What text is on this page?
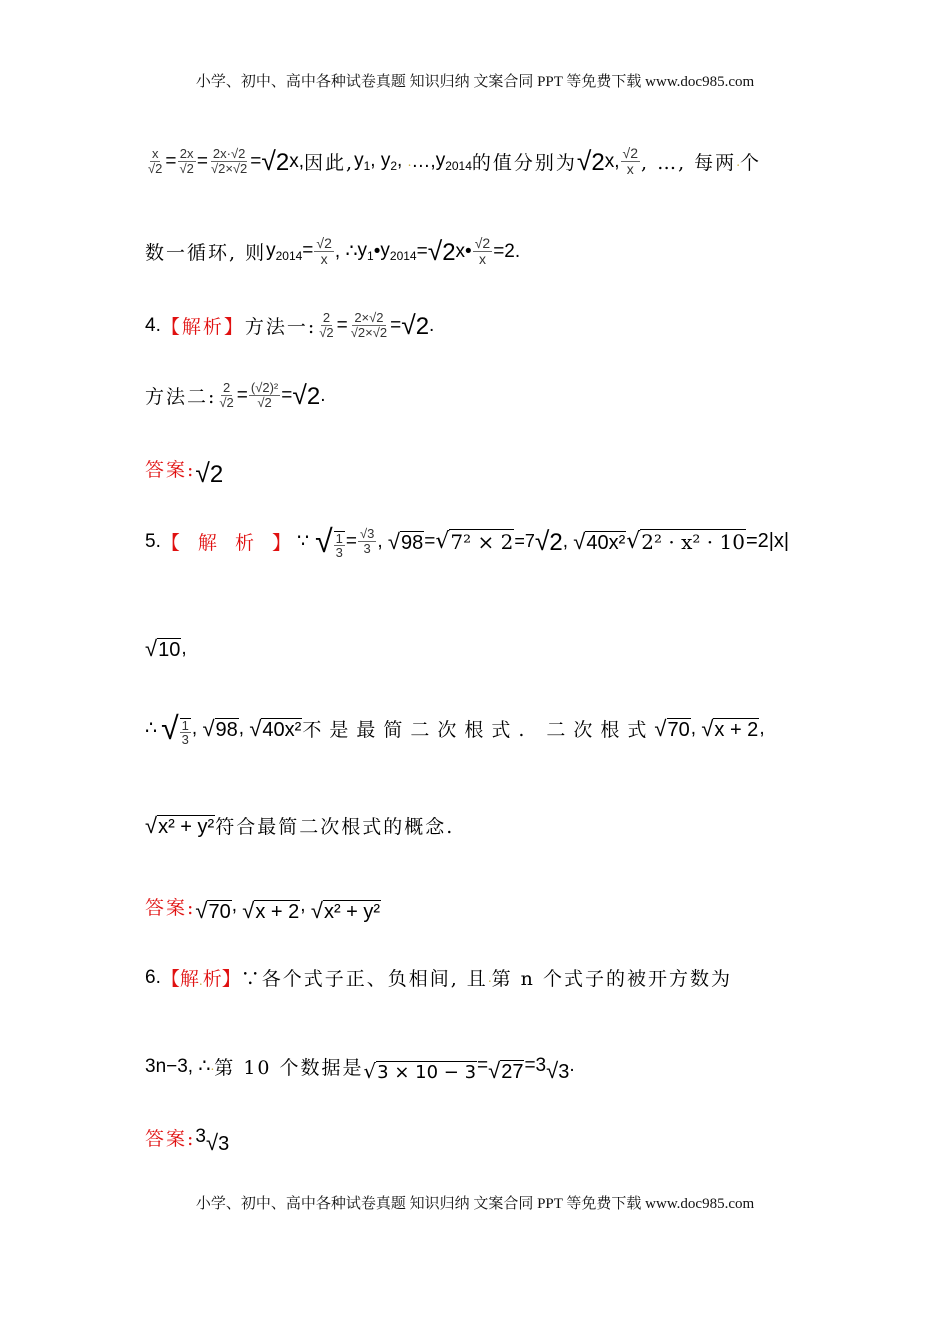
小学、初中、高中各种试卷真题 知识归纳 文案合同 PPT 等免费下载 www.doc985.com
$\frac{x}{√2} = \frac{2x}{√2} = \frac{2x\cdot√2}{√2\times√2}$ = √ 2 x, 因此, $y_1$, $y_2$, . …, $y_{2014}$ 的值分别为 √ 2 x, $\frac{√2}{x}$ , …, 每两 . 个
数一循环, 则 $y_{2014}= \frac{√2}{x}$ , ∴ $y_1$ • $y_{2014}$ = √ 2 x • $\frac{√2}{x} =2$.
4. 【解析】 方法一: $\frac{2}{√2} = \frac{2\times√2}{√2\times√2}$ = √ 2 .
方法二: $\frac{2}{√2} = \frac{\text{(√2)²}}{√2}$ = √ 2 .
答案: √ 2
5. 【 解 析 】 ∵ √ $\frac{1}{3} = \frac{√3}{3}$ , √ 98 = √ 7² × 2 =7 √ 2 , √ 40x² √ 2² · x² · 10 =2|x|
√ 10 ,
∴ √ $\frac{1}{3}$ , √ 98 , √ 40x² 不是最简二次根式. 二次根式 √ 70 , √ x + 2 ,
√ x² + y² 符合最简二次根式的概念.
答案: √ 70 , √ x + 2 , √ x² + y²
6. 【解.析】 ∵各个式子正、负相间, 且 . 第 n 个式子的被开方数为
3n−3, ∴ . 第 10 个数据是 √ 3 × 10 − 3 = √ 27 =3 √ 3 .
答案: 3 √ 3
小学、初中、高中各种试卷真题 知识归纳 文案合同 PPT 等免费下载 www.doc985.com
